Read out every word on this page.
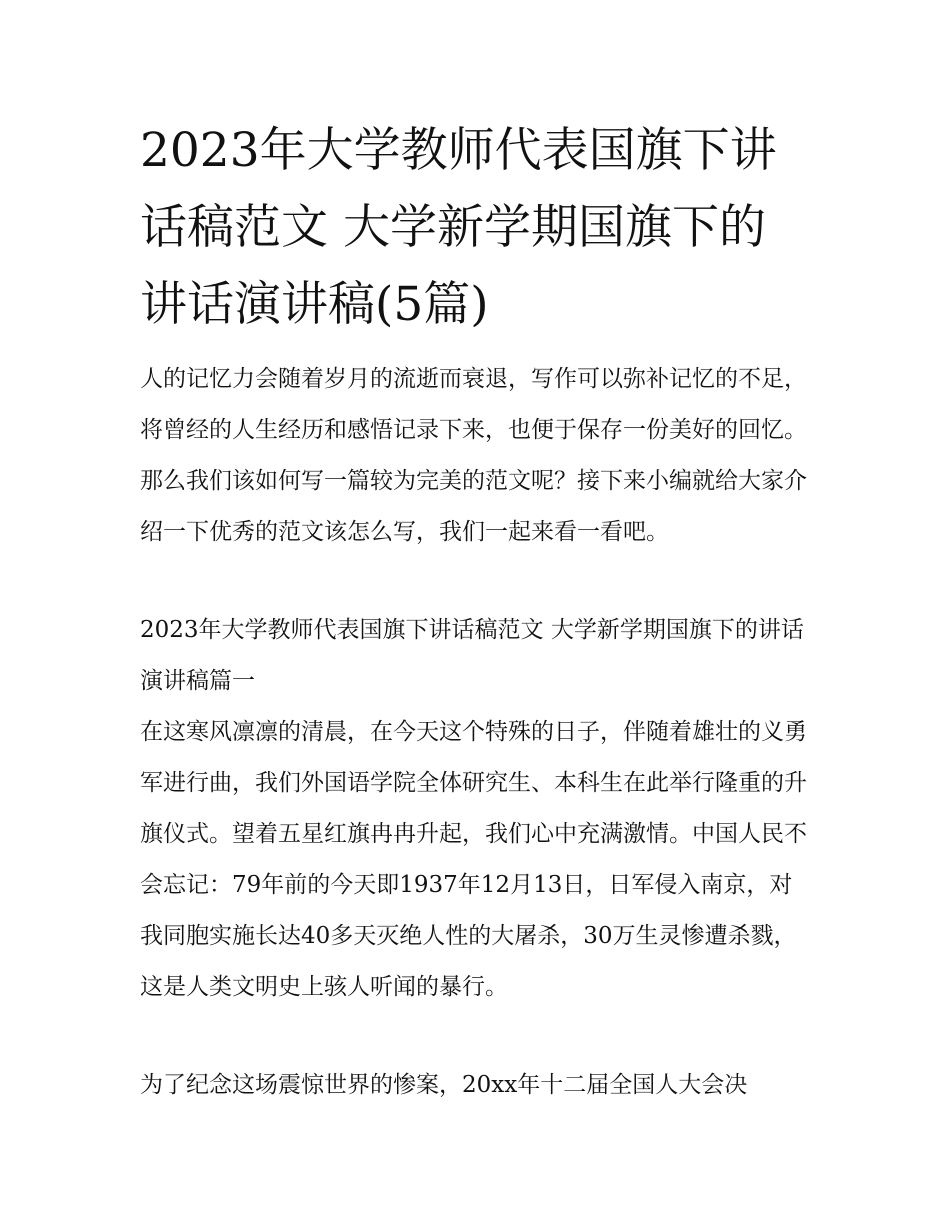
2023年大学教师代表国旗下讲话稿范文 大学新学期国旗下的讲话演讲稿(5篇)

人的记忆力会随着岁月的流逝而衰退，写作可以弥补记忆的不足，将曾经的人生经历和感悟记录下来，也便于保存一份美好的回忆。那么我们该如何写一篇较为完美的范文呢？接下来小编就给大家介绍一下优秀的范文该怎么写，我们一起来看一看吧。

2023年大学教师代表国旗下讲话稿范文 大学新学期国旗下的讲话演讲稿篇一

在这寒风凛凛的清晨，在今天这个特殊的日子，伴随着雄壮的义勇军进行曲，我们外国语学院全体研究生、本科生在此举行隆重的升旗仪式。望着五星红旗冉冉升起，我们心中充满激情。中国人民不会忘记：79年前的今天即1937年12月13日，日军侵入南京，对我同胞实施长达40多天灭绝人性的大屠杀，30万生灵惨遭杀戮，这是人类文明史上骇人听闻的暴行。

为了纪念这场震惊世界的惨案，20xx年十二届全国人大会决
